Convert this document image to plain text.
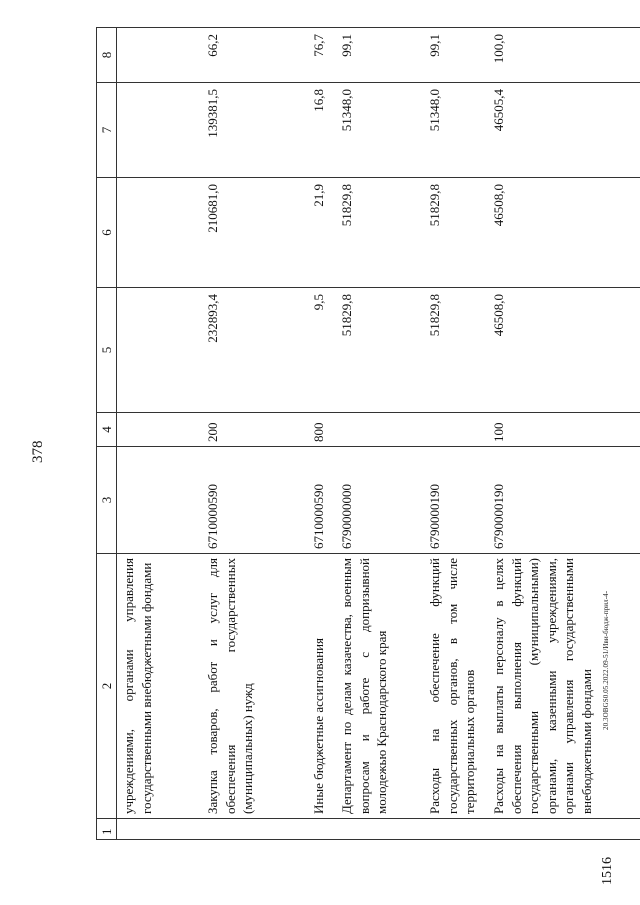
378
1	2	3	4	5	6	7	8
	учреждениями, органами управления государственными внебюджетными фондами						
	Закупка товаров, работ и услуг для обеспечения государственных (муниципальных) нужд	6710000590	200	232893,4	210681,0	139381,5	66,2
	Иные бюджетные ассигнования	6710000590	800	9,5	21,9	16,8	76,7
	Департамент по делам казачества, военным вопросам и работе с допризывной молодежью Краснодарского края	6790000000		51829,8	51829,8	51348,0	99,1
	Расходы на обеспечение функций государственных органов, в том числе территориальных органов	6790000190		51829,8	51829,8	51348,0	99,1
	Расходы на выплаты персоналу в целях обеспечения выполнения функций государственными (муниципальными) органами, казенными учреждениями, органами управления государственными внебюджетными фондами	6790000190	100	46508,0	46508,0	46505,4	100,0
20.3OBGS0.05.2022.09-51/Иви-бюдж-прил-4-
1516
